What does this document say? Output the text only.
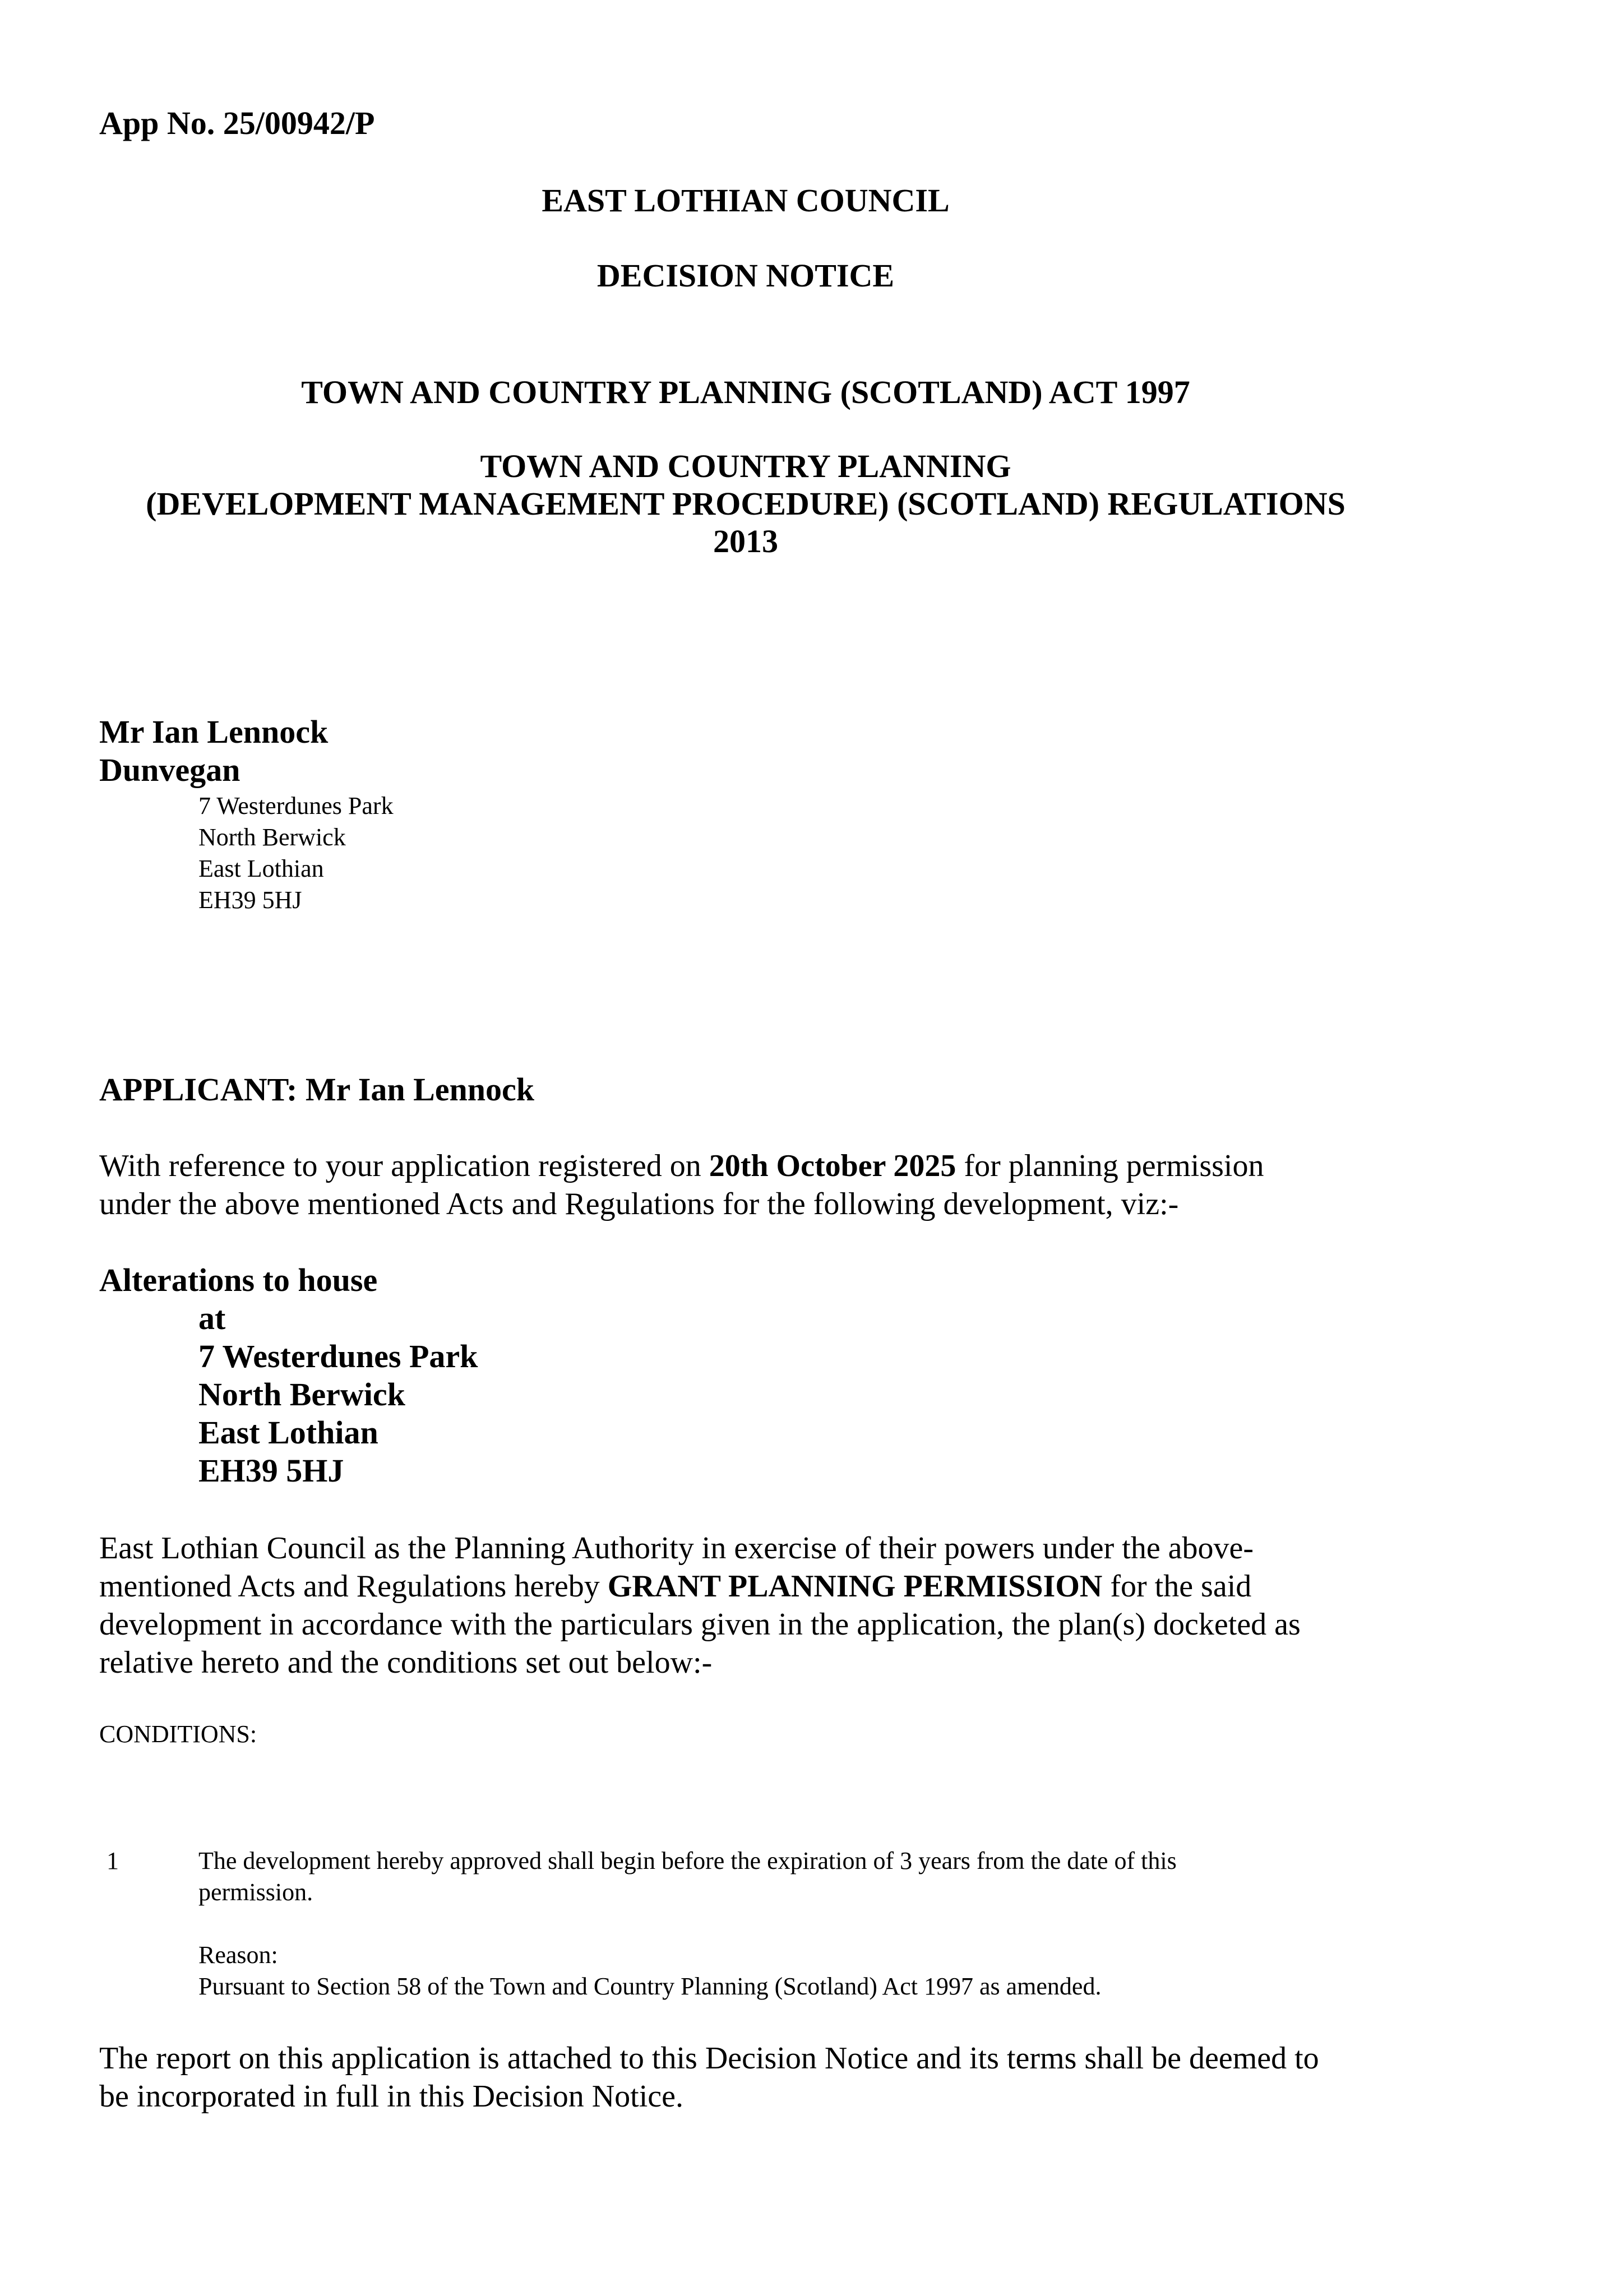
App No. 25/00942/P
EAST LOTHIAN COUNCIL
DECISION NOTICE
TOWN AND COUNTRY PLANNING (SCOTLAND) ACT 1997
TOWN AND COUNTRY PLANNING
(DEVELOPMENT MANAGEMENT PROCEDURE) (SCOTLAND) REGULATIONS
2013
Mr Ian Lennock
Dunvegan
7 Westerdunes Park
North Berwick
East Lothian
EH39 5HJ
APPLICANT: Mr Ian Lennock
With reference to your application registered on 20th October 2025 for planning permission
under the above mentioned Acts and Regulations for the following development, viz:-
Alterations to house
at
7 Westerdunes Park
North Berwick
East Lothian
EH39 5HJ
East Lothian Council as the Planning Authority in exercise of their powers under the above-
mentioned Acts and Regulations hereby GRANT PLANNING PERMISSION for the said
development in accordance with the particulars given in the application, the plan(s) docketed as
relative hereto and the conditions set out below:-
CONDITIONS:
1	The development hereby approved shall begin before the expiration of 3 years from the date of this
permission.
Reason:
Pursuant to Section 58 of the Town and Country Planning (Scotland) Act 1997 as amended.
The report on this application is attached to this Decision Notice and its terms shall be deemed to
be incorporated in full in this Decision Notice.
